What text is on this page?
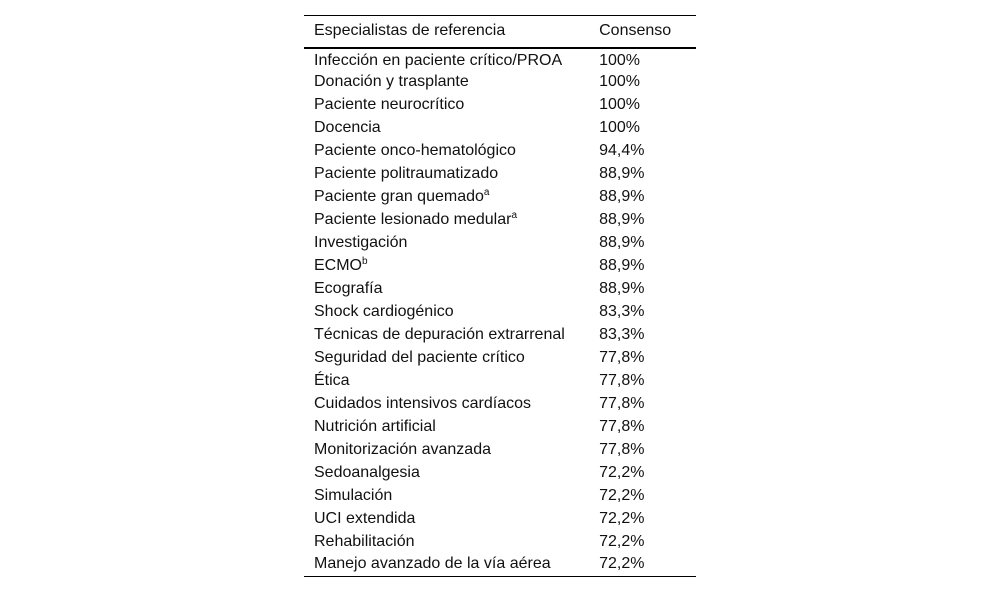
Especialistas de referencia	Consenso
Infección en paciente crítico/PROA	100%
Donación y trasplante	100%
Paciente neurocrítico	100%
Docencia	100%
Paciente onco-hematológico	94,4%
Paciente politraumatizado	88,9%
Paciente gran quemado$^a$	88,9%
Paciente lesionado medular$^a$	88,9%
Investigación	88,9%
ECMO$^b$	88,9%
Ecografía	88,9%
Shock cardiogénico	83,3%
Técnicas de depuración extrarrenal	83,3%
Seguridad del paciente crítico	77,8%
Ética	77,8%
Cuidados intensivos cardíacos	77,8%
Nutrición artificial	77,8%
Monitorización avanzada	77,8%
Sedoanalgesia	72,2%
Simulación	72,2%
UCI extendida	72,2%
Rehabilitación	72,2%
Manejo avanzado de la vía aérea	72,2%
